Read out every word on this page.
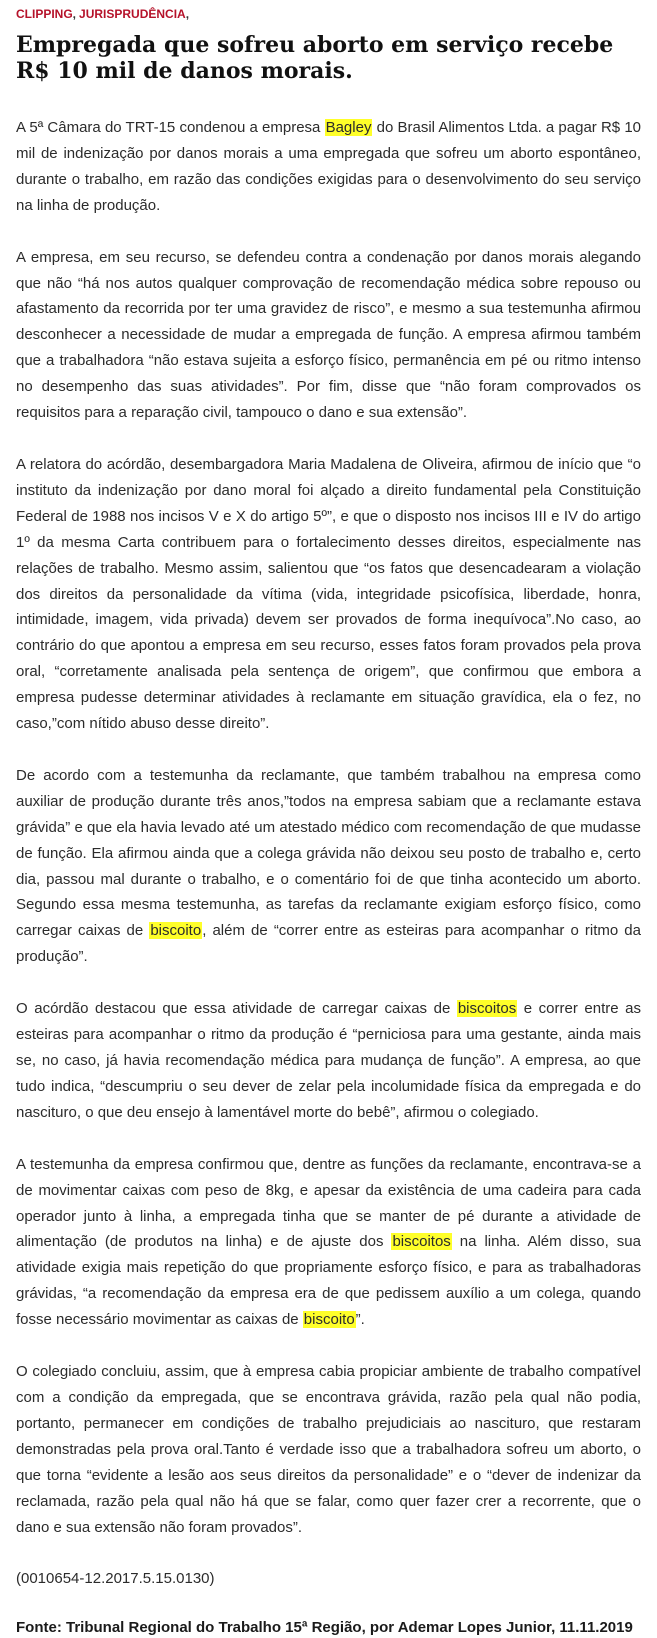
CLIPPING, JURISPRUDÊNCIA,
Empregada que sofreu aborto em serviço recebe R$ 10 mil de danos morais.

A 5ª Câmara do TRT-15 condenou a empresa Bagley do Brasil Alimentos Ltda. a pagar R$ 10 mil de indenização por danos morais a uma empregada que sofreu um aborto espontâneo, durante o trabalho, em razão das condições exigidas para o desenvolvimento do seu serviço na linha de produção.

A empresa, em seu recurso, se defendeu contra a condenação por danos morais alegando que não “há nos autos qualquer comprovação de recomendação médica sobre repouso ou afastamento da recorrida por ter uma gravidez de risco”, e mesmo a sua testemunha afirmou desconhecer a necessidade de mudar a empregada de função. A empresa afirmou também que a trabalhadora “não estava sujeita a esforço físico, permanência em pé ou ritmo intenso no desempenho das suas atividades”. Por fim, disse que “não foram comprovados os requisitos para a reparação civil, tampouco o dano e sua extensão”.

A relatora do acórdão, desembargadora Maria Madalena de Oliveira, afirmou de início que “o instituto da indenização por dano moral foi alçado a direito fundamental pela Constituição Federal de 1988 nos incisos V e X do artigo 5º”, e que o disposto nos incisos III e IV do artigo 1º da mesma Carta contribuem para o fortalecimento desses direitos, especialmente nas relações de trabalho. Mesmo assim, salientou que “os fatos que desencadearam a violação dos direitos da personalidade da vítima (vida, integridade psicofísica, liberdade, honra, intimidade, imagem, vida privada) devem ser provados de forma inequívoca”.No caso, ao contrário do que apontou a empresa em seu recurso, esses fatos foram provados pela prova oral, “corretamente analisada pela sentença de origem”, que confirmou que embora a empresa pudesse determinar atividades à reclamante em situação gravídica, ela o fez, no caso,”com nítido abuso desse direito”.

De acordo com a testemunha da reclamante, que também trabalhou na empresa como auxiliar de produção durante três anos,”todos na empresa sabiam que a reclamante estava grávida” e que ela havia levado até um atestado médico com recomendação de que mudasse de função. Ela afirmou ainda que a colega grávida não deixou seu posto de trabalho e, certo dia, passou mal durante o trabalho, e o comentário foi de que tinha acontecido um aborto. Segundo essa mesma testemunha, as tarefas da reclamante exigiam esforço físico, como carregar caixas de biscoito, além de “correr entre as esteiras para acompanhar o ritmo da produção”.

O acórdão destacou que essa atividade de carregar caixas de biscoitos e correr entre as esteiras para acompanhar o ritmo da produção é “perniciosa para uma gestante, ainda mais se, no caso, já havia recomendação médica para mudança de função”. A empresa, ao que tudo indica, “descumpriu o seu dever de zelar pela incolumidade física da empregada e do nascituro, o que deu ensejo à lamentável morte do bebê”, afirmou o colegiado.

A testemunha da empresa confirmou que, dentre as funções da reclamante, encontrava-se a de movimentar caixas com peso de 8kg, e apesar da existência de uma cadeira para cada operador junto à linha, a empregada tinha que se manter de pé durante a atividade de alimentação (de produtos na linha) e de ajuste dos biscoitos na linha. Além disso, sua atividade exigia mais repetição do que propriamente esforço físico, e para as trabalhadoras grávidas, “a recomendação da empresa era de que pedissem auxílio a um colega, quando fosse necessário movimentar as caixas de biscoito”.

O colegiado concluiu, assim, que à empresa cabia propiciar ambiente de trabalho compatível com a condição da empregada, que se encontrava grávida, razão pela qual não podia, portanto, permanecer em condições de trabalho prejudiciais ao nascituro, que restaram demonstradas pela prova oral.Tanto é verdade isso que a trabalhadora sofreu um aborto, o que torna “evidente a lesão aos seus direitos da personalidade” e o “dever de indenizar da reclamada, razão pela qual não há que se falar, como quer fazer crer a recorrente, que o dano e sua extensão não foram provados”.

(0010654-12.2017.5.15.0130)

Fonte: Tribunal Regional do Trabalho 15ª Região, por Ademar Lopes Junior, 11.11.2019
